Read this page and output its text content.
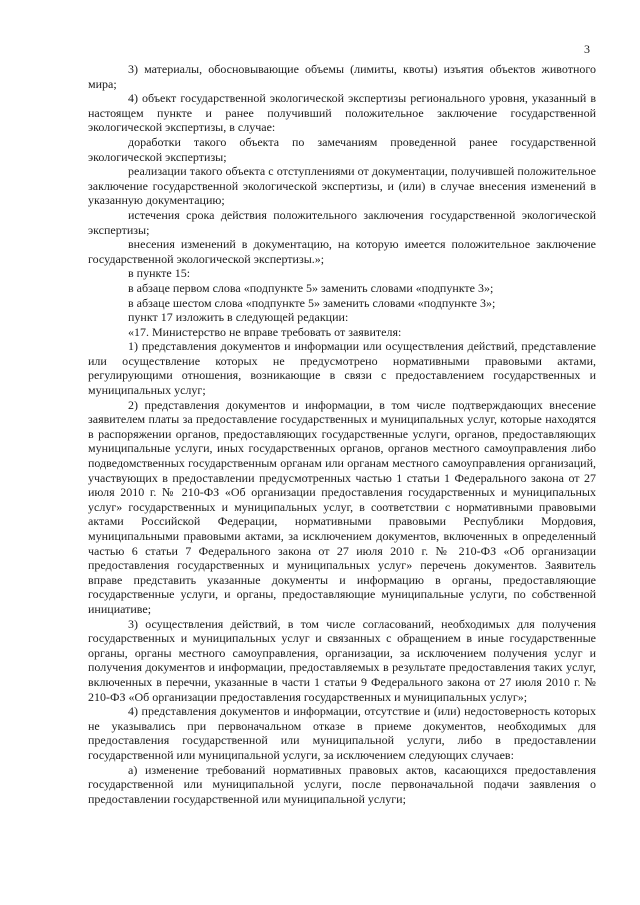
3

3) материалы, обосновывающие объемы (лимиты, квоты) изъятия объектов животного мира;

4) объект государственной экологической экспертизы регионального уровня, указанный в настоящем пункте и ранее получивший положительное заключение государственной экологической экспертизы, в случае:

доработки такого объекта по замечаниям проведенной ранее государственной экологической экспертизы;

реализации такого объекта с отступлениями от документации, получившей положительное заключение государственной экологической экспертизы, и (или) в случае внесения изменений в указанную документацию;

истечения срока действия положительного заключения государственной экологической экспертизы;

внесения изменений в документацию, на которую имеется положительное заключение государственной экологической экспертизы.»;

в пункте 15:

в абзаце первом слова «подпункте 5» заменить словами «подпункте 3»;

в абзаце шестом слова «подпункте 5» заменить словами «подпункте 3»;

пункт 17 изложить в следующей редакции:

«17. Министерство не вправе требовать от заявителя:

1) представления документов и информации или осуществления действий, представление или осуществление которых не предусмотрено нормативными правовыми актами, регулирующими отношения, возникающие в связи с предоставлением государственных и муниципальных услуг;

2) представления документов и информации, в том числе подтверждающих внесение заявителем платы за предоставление государственных и муниципальных услуг, которые находятся в распоряжении органов, предоставляющих государственные услуги, органов, предоставляющих муниципальные услуги, иных государственных органов, органов местного самоуправления либо подведомственных государственным органам или органам местного самоуправления организаций, участвующих в предоставлении предусмотренных частью 1 статьи 1 Федерального закона от 27 июля 2010 г. № 210-ФЗ «Об организации предоставления государственных и муниципальных услуг» государственных и муниципальных услуг, в соответствии с нормативными правовыми актами Российской Федерации, нормативными правовыми Республики Мордовия, муниципальными правовыми актами, за исключением документов, включенных в определенный частью 6 статьи 7 Федерального закона от 27 июля 2010 г. № 210-ФЗ «Об организации предоставления государственных и муниципальных услуг» перечень документов. Заявитель вправе представить указанные документы и информацию в органы, предоставляющие государственные услуги, и органы, предоставляющие муниципальные услуги, по собственной инициативе;

3) осуществления действий, в том числе согласований, необходимых для получения государственных и муниципальных услуг и связанных с обращением в иные государственные органы, органы местного самоуправления, организации, за исключением получения услуг и получения документов и информации, предоставляемых в результате предоставления таких услуг, включенных в перечни, указанные в части 1 статьи 9 Федерального закона от 27 июля 2010 г. № 210-ФЗ «Об организации предоставления государственных и муниципальных услуг»;

4) представления документов и информации, отсутствие и (или) недостоверность которых не указывались при первоначальном отказе в приеме документов, необходимых для предоставления государственной или муниципальной услуги, либо в предоставлении государственной или муниципальной услуги, за исключением следующих случаев:

а) изменение требований нормативных правовых актов, касающихся предоставления государственной или муниципальной услуги, после первоначальной подачи заявления о предоставлении государственной или муниципальной услуги;
